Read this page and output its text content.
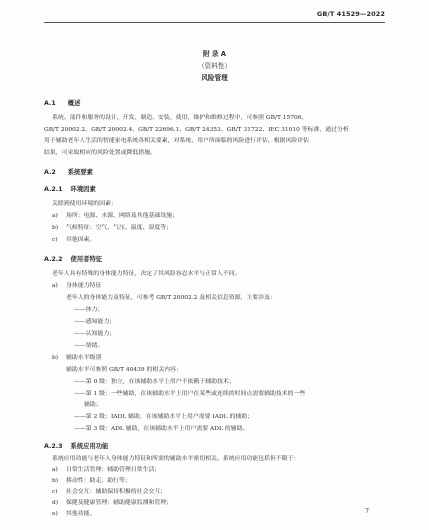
GB/T 41529—2022
附 录 A
（资料性）
风险管理
A.1 概述
系统、部件和服务的设计、开发、制造、安装、使用、维护和维修过程中，可参照 GB/T 15706、
GB/T 20002.2、GB/T 20002.4、GB/T 22696.1、GB/T 24353、GB/T 31722、IEC 31010 等标准，通过分析
用于辅助老年人生活的智能家电系统各相关要素，对系统、用户所面临的风险进行评估，根据风险评估
结果，可采取相应的风险处置或降低措施。
A.2 系统要素
A.2.1 环境因素
关联到使用环境的因素：
a) 场所：电源、水源、网络及其他基础设施；
b) 气候特征：空气、气压、温度、湿度等；
c) 其他因素。
A.2.2 使用者特征
老年人具有特殊的身体能力特征，决定了其风险容忍水平与正常人不同。
a) 身体能力特征
老年人的身体能力及特征，可参考 GB/T 20002.2 及相关信息资源，主要涉及：
——体力；
——感知能力；
——认知能力；
——情绪。
b) 辅助水平级别
辅助水平可参照 GB/T 40439 的相关内容：
——第 0 级：独立，在该辅助水平上用户不依赖于辅助技术；
——第 1 级：一些辅助，在该辅助水平上用户在某些或连续的时间点需要辅助技术的一些
辅助；
——第 2 级：IADL 辅助，在该辅助水平上用户需要 IADL 的辅助；
——第 3 级：ADL 辅助，在该辅助水平上用户需要 ADL 的辅助。
A.2.3 系统应用功能
系统应用功能与老年人身体能力特征和所需的辅助水平密切相关。系统应用功能包括但不限于：
a) 日常生活管理：辅助管理日常生活；
b) 移动性：助走、助行等；
c) 社会交互：辅助保持积极的社会交互；
d) 保健及健康管理：辅助健康监测和管理；
e) 其他功能。	7
